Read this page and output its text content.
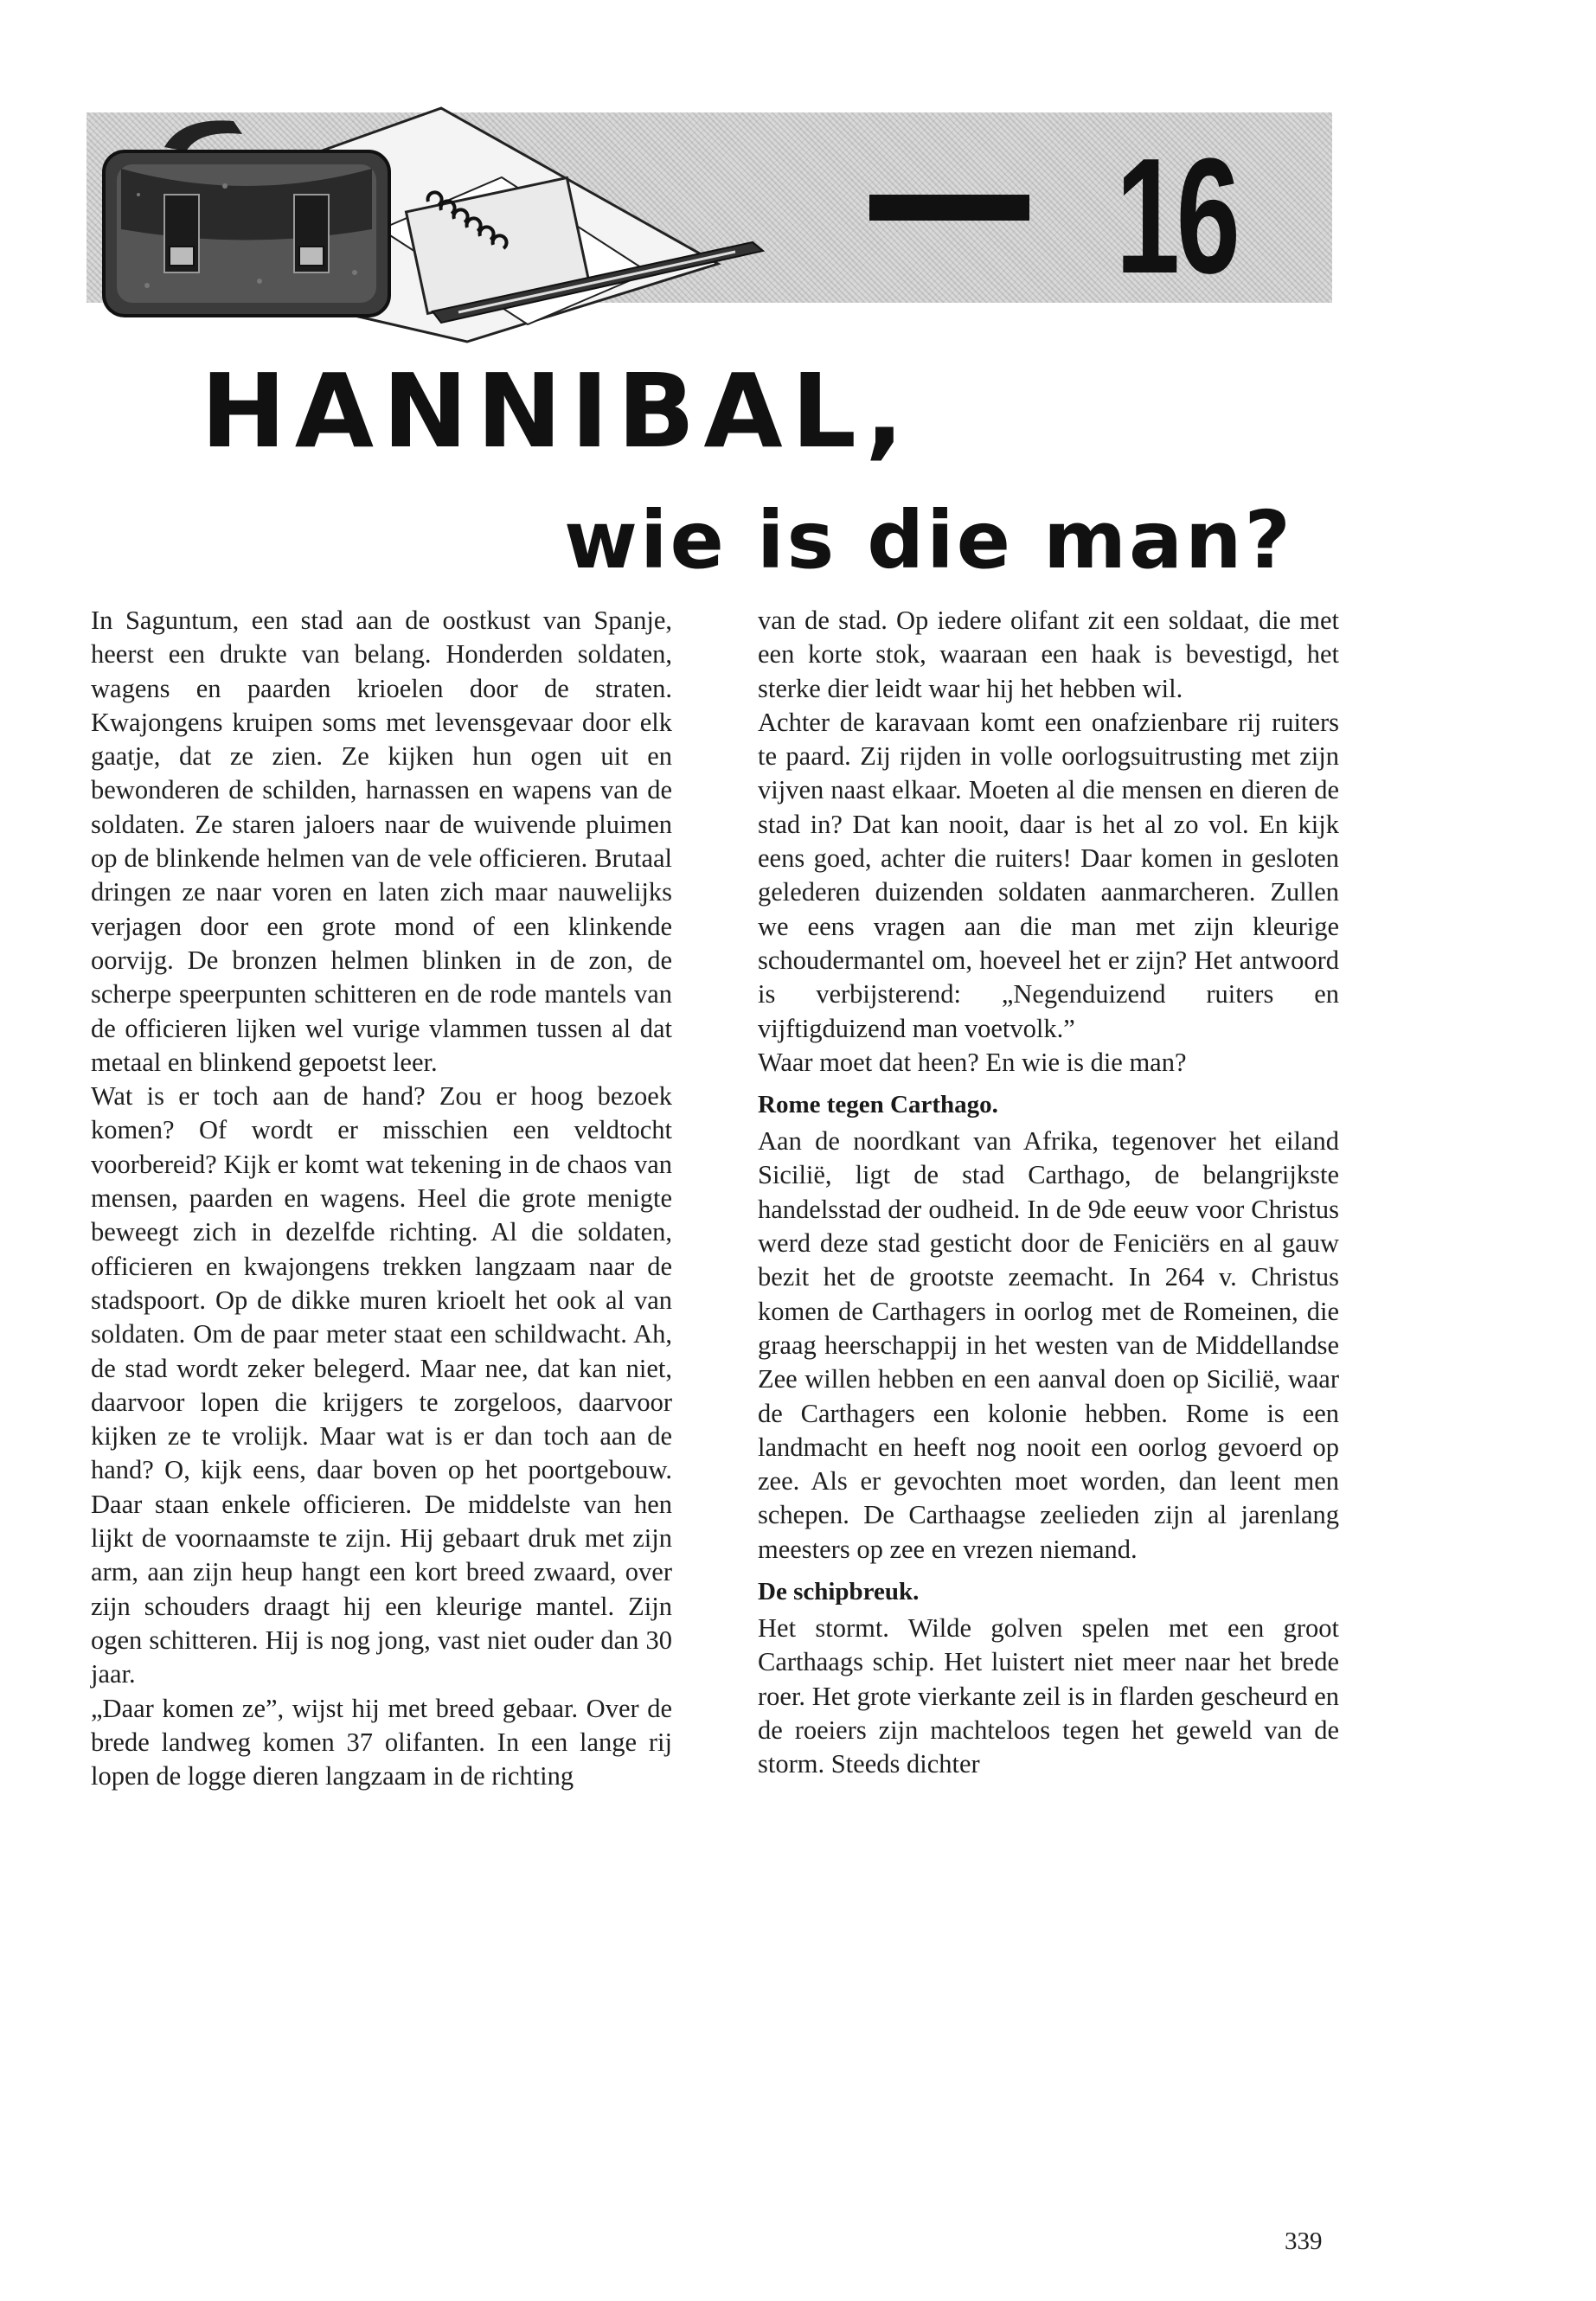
16
HANNIBAL,
wie is die man?

In Saguntum, een stad aan de oostkust van Spanje, heerst een drukte van belang. Honderden soldaten, wagens en paarden krioelen door de straten. Kwajongens kruipen soms met levensgevaar door elk gaatje, dat ze zien. Ze kijken hun ogen uit en bewonderen de schilden, harnassen en wapens van de soldaten. Ze staren jaloers naar de wuivende pluimen op de blinkende helmen van de vele officieren. Brutaal dringen ze naar voren en laten zich maar nauwelijks verjagen door een grote mond of een klinkende oorvijg. De bronzen helmen blinken in de zon, de scherpe speerpunten schitteren en de rode mantels van de officieren lijken wel vurige vlammen tussen al dat metaal en blinkend gepoetst leer.

Wat is er toch aan de hand? Zou er hoog bezoek komen? Of wordt er misschien een veldtocht voorbereid? Kijk er komt wat tekening in de chaos van mensen, paarden en wagens. Heel die grote menigte beweegt zich in dezelfde richting. Al die soldaten, officieren en kwajongens trekken langzaam naar de stadspoort. Op de dikke muren krioelt het ook al van soldaten. Om de paar meter staat een schildwacht. Ah, de stad wordt zeker belegerd. Maar nee, dat kan niet, daarvoor lopen die krijgers te zorgeloos, daarvoor kijken ze te vrolijk. Maar wat is er dan toch aan de hand? O, kijk eens, daar boven op het poortgebouw. Daar staan enkele officieren. De middelste van hen lijkt de voornaamste te zijn. Hij gebaart druk met zijn arm, aan zijn heup hangt een kort breed zwaard, over zijn schouders draagt hij een kleurige mantel. Zijn ogen schitteren. Hij is nog jong, vast niet ouder dan 30 jaar.

„Daar komen ze”, wijst hij met breed gebaar. Over de brede landweg komen 37 olifanten. In een lange rij lopen de logge dieren langzaam in de richting

van de stad. Op iedere olifant zit een soldaat, die met een korte stok, waaraan een haak is bevestigd, het sterke dier leidt waar hij het hebben wil.

Achter de karavaan komt een onafzienbare rij ruiters te paard. Zij rijden in volle oorlogsuitrusting met zijn vijven naast elkaar. Moeten al die mensen en dieren de stad in? Dat kan nooit, daar is het al zo vol. En kijk eens goed, achter die ruiters! Daar komen in gesloten gelederen duizenden soldaten aanmarcheren. Zullen we eens vragen aan die man met zijn kleurige schoudermantel om, hoeveel het er zijn? Het antwoord is verbijsterend: „Negenduizend ruiters en vijftigduizend man voetvolk.”

Waar moet dat heen? En wie is die man?

Rome tegen Carthago.

Aan de noordkant van Afrika, tegenover het eiland Sicilië, ligt de stad Carthago, de belangrijkste handelsstad der oudheid. In de 9de eeuw voor Christus werd deze stad gesticht door de Feniciërs en al gauw bezit het de grootste zeemacht. In 264 v. Christus komen de Carthagers in oorlog met de Romeinen, die graag heerschappij in het westen van de Middellandse Zee willen hebben en een aanval doen op Sicilië, waar de Carthagers een kolonie hebben. Rome is een landmacht en heeft nog nooit een oorlog gevoerd op zee. Als er gevochten moet worden, dan leent men schepen. De Carthaagse zeelieden zijn al jarenlang meesters op zee en vrezen niemand.

De schipbreuk.

Het stormt. Wilde golven spelen met een groot Carthaags schip. Het luistert niet meer naar het brede roer. Het grote vierkante zeil is in flarden gescheurd en de roeiers zijn machteloos tegen het geweld van de storm. Steeds dichter

339
